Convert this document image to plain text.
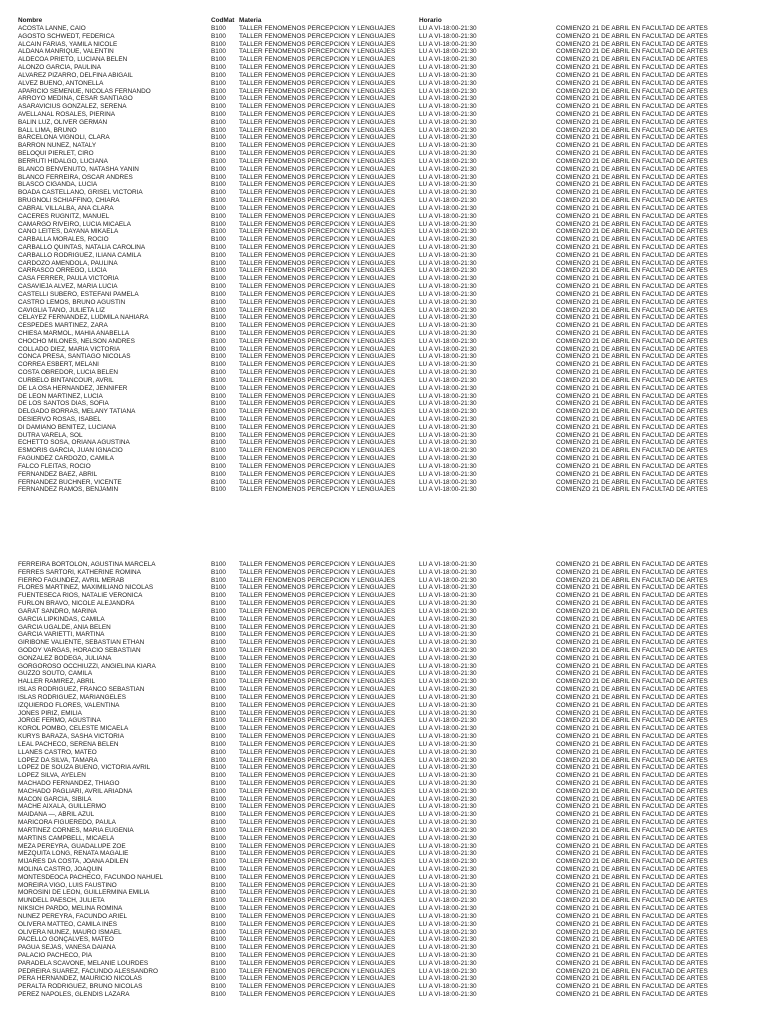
Nombre	CodMat Materia	Horario
ACOSTA LANNE, CAIO	B100	TALLER FENOMENOS PERCEPCION Y LENGUAJES	LU A VI-18:00-21:30	COMIENZO 21 DE ABRIL EN FACULTAD DE ARTES
AGOSTO SCHWEDT, FEDERICA	B100	TALLER FENOMENOS PERCEPCION Y LENGUAJES	LU A VI-18:00-21:30	COMIENZO 21 DE ABRIL EN FACULTAD DE ARTES
ALCAIN FARIAS, YAMILA NICOLE	B100	TALLER FENOMENOS PERCEPCION Y LENGUAJES	LU A VI-18:00-21:30	COMIENZO 21 DE ABRIL EN FACULTAD DE ARTES
ALDANA MANRIQUE, VALENTIN	B100	TALLER FENOMENOS PERCEPCION Y LENGUAJES	LU A VI-18:00-21:30	COMIENZO 21 DE ABRIL EN FACULTAD DE ARTES
ALDECOA PRIETO, LUCIANA BELÉN	B100	TALLER FENOMENOS PERCEPCION Y LENGUAJES	LU A VI-18:00-21:30	COMIENZO 21 DE ABRIL EN FACULTAD DE ARTES
ALONZO GARCÍA, PAULINA	B100	TALLER FENOMENOS PERCEPCION Y LENGUAJES	LU A VI-18:00-21:30	COMIENZO 21 DE ABRIL EN FACULTAD DE ARTES
ALVAREZ PIZARRO, DELFINA ABIGAIL	B100	TALLER FENOMENOS PERCEPCION Y LENGUAJES	LU A VI-18:00-21:30	COMIENZO 21 DE ABRIL EN FACULTAD DE ARTES
ALVEZ BUENO, ANTONELLA	B100	TALLER FENOMENOS PERCEPCION Y LENGUAJES	LU A VI-18:00-21:30	COMIENZO 21 DE ABRIL EN FACULTAD DE ARTES
APARICIO SEMENUE, NICOLÁS FERNANDO	B100	TALLER FENOMENOS PERCEPCION Y LENGUAJES	LU A VI-18:00-21:30	COMIENZO 21 DE ABRIL EN FACULTAD DE ARTES
ARROYO MEDINA, CÉSAR SANTIAGO	B100	TALLER FENOMENOS PERCEPCION Y LENGUAJES	LU A VI-18:00-21:30	COMIENZO 21 DE ABRIL EN FACULTAD DE ARTES
ASARAVICIUS GONZÁLEZ, SERENA	B100	TALLER FENOMENOS PERCEPCION Y LENGUAJES	LU A VI-18:00-21:30	COMIENZO 21 DE ABRIL EN FACULTAD DE ARTES
AVELLANAL ROSALES, PIERINA	B100	TALLER FENOMENOS PERCEPCION Y LENGUAJES	LU A VI-18:00-21:30	COMIENZO 21 DE ABRIL EN FACULTAD DE ARTES
BALIN LUZ, OLIVER GERMÁN	B100	TALLER FENOMENOS PERCEPCION Y LENGUAJES	LU A VI-18:00-21:30	COMIENZO 21 DE ABRIL EN FACULTAD DE ARTES
BALL LIMA, BRUNO	B100	TALLER FENOMENOS PERCEPCION Y LENGUAJES	LU A VI-18:00-21:30	COMIENZO 21 DE ABRIL EN FACULTAD DE ARTES
BARCELONA VIGNOLI, CLARA	B100	TALLER FENOMENOS PERCEPCION Y LENGUAJES	LU A VI-18:00-21:30	COMIENZO 21 DE ABRIL EN FACULTAD DE ARTES
BARRON NÚÑEZ, NATALY	B100	TALLER FENOMENOS PERCEPCION Y LENGUAJES	LU A VI-18:00-21:30	COMIENZO 21 DE ABRIL EN FACULTAD DE ARTES
BELOQUI PIERLET, CIRO	B100	TALLER FENOMENOS PERCEPCION Y LENGUAJES	LU A VI-18:00-21:30	COMIENZO 21 DE ABRIL EN FACULTAD DE ARTES
BERRUTI HIDALGO, LUCIANA	B100	TALLER FENOMENOS PERCEPCION Y LENGUAJES	LU A VI-18:00-21:30	COMIENZO 21 DE ABRIL EN FACULTAD DE ARTES
BLANCO BENVENUTO, NATASHA YANIN	B100	TALLER FENOMENOS PERCEPCION Y LENGUAJES	LU A VI-18:00-21:30	COMIENZO 21 DE ABRIL EN FACULTAD DE ARTES
BLANCO FERREIRA, OSCAR ANDRES	B100	TALLER FENOMENOS PERCEPCION Y LENGUAJES	LU A VI-18:00-21:30	COMIENZO 21 DE ABRIL EN FACULTAD DE ARTES
BLASCO CIGANDA, LUCÍA	B100	TALLER FENOMENOS PERCEPCION Y LENGUAJES	LU A VI-18:00-21:30	COMIENZO 21 DE ABRIL EN FACULTAD DE ARTES
BOADA CASTELLANO, GRISEL VICTORIA	B100	TALLER FENOMENOS PERCEPCION Y LENGUAJES	LU A VI-18:00-21:30	COMIENZO 21 DE ABRIL EN FACULTAD DE ARTES
BRUGNOLI SCHIAFFINO, CHIARA	B100	TALLER FENOMENOS PERCEPCION Y LENGUAJES	LU A VI-18:00-21:30	COMIENZO 21 DE ABRIL EN FACULTAD DE ARTES
CABRAL VILLALBA, ANA CLARA	B100	TALLER FENOMENOS PERCEPCION Y LENGUAJES	LU A VI-18:00-21:30	COMIENZO 21 DE ABRIL EN FACULTAD DE ARTES
CACERES RÜGNITZ, MANUEL	B100	TALLER FENOMENOS PERCEPCION Y LENGUAJES	LU A VI-18:00-21:30	COMIENZO 21 DE ABRIL EN FACULTAD DE ARTES
CAMARGO RIVEIRO, LUCIA MICAELA	B100	TALLER FENOMENOS PERCEPCION Y LENGUAJES	LU A VI-18:00-21:30	COMIENZO 21 DE ABRIL EN FACULTAD DE ARTES
CANO LEITES, DAYANA MIKAELA	B100	TALLER FENOMENOS PERCEPCION Y LENGUAJES	LU A VI-18:00-21:30	COMIENZO 21 DE ABRIL EN FACULTAD DE ARTES
CARBALLA MORALES, ROCIO	B100	TALLER FENOMENOS PERCEPCION Y LENGUAJES	LU A VI-18:00-21:30	COMIENZO 21 DE ABRIL EN FACULTAD DE ARTES
CARBALLO QUINTAS, NATALIA CAROLINA	B100	TALLER FENOMENOS PERCEPCION Y LENGUAJES	LU A VI-18:00-21:30	COMIENZO 21 DE ABRIL EN FACULTAD DE ARTES
CARBALLO RODRIGUEZ, ILIANA CAMILA	B100	TALLER FENOMENOS PERCEPCION Y LENGUAJES	LU A VI-18:00-21:30	COMIENZO 21 DE ABRIL EN FACULTAD DE ARTES
CARDOZO AMENDOLA, PAULINA	B100	TALLER FENOMENOS PERCEPCION Y LENGUAJES	LU A VI-18:00-21:30	COMIENZO 21 DE ABRIL EN FACULTAD DE ARTES
CARRASCO ORREGO, LUCÍA	B100	TALLER FENOMENOS PERCEPCION Y LENGUAJES	LU A VI-18:00-21:30	COMIENZO 21 DE ABRIL EN FACULTAD DE ARTES
CASA FERRER, PAULA VICTORIA	B100	TALLER FENOMENOS PERCEPCION Y LENGUAJES	LU A VI-18:00-21:30	COMIENZO 21 DE ABRIL EN FACULTAD DE ARTES
CASAVIEJA ALVEZ, MARIA LUCIA	B100	TALLER FENOMENOS PERCEPCION Y LENGUAJES	LU A VI-18:00-21:30	COMIENZO 21 DE ABRIL EN FACULTAD DE ARTES
CASTELLI SUBERO, ESTEFANI PAMELA	B100	TALLER FENOMENOS PERCEPCION Y LENGUAJES	LU A VI-18:00-21:30	COMIENZO 21 DE ABRIL EN FACULTAD DE ARTES
CASTRO LEMOS, BRUNO AGUSTIN	B100	TALLER FENOMENOS PERCEPCION Y LENGUAJES	LU A VI-18:00-21:30	COMIENZO 21 DE ABRIL EN FACULTAD DE ARTES
CAVIGLIA TAÑO, JULIETA LIZ	B100	TALLER FENOMENOS PERCEPCION Y LENGUAJES	LU A VI-18:00-21:30	COMIENZO 21 DE ABRIL EN FACULTAD DE ARTES
CELAYEZ FERNÁNDEZ, LUDMILA NAHIARA	B100	TALLER FENOMENOS PERCEPCION Y LENGUAJES	LU A VI-18:00-21:30	COMIENZO 21 DE ABRIL EN FACULTAD DE ARTES
CÉSPEDES MARTINEZ, ZARA	B100	TALLER FENOMENOS PERCEPCION Y LENGUAJES	LU A VI-18:00-21:30	COMIENZO 21 DE ABRIL EN FACULTAD DE ARTES
CHIESA MARMOL, MAHIA ANABELLA	B100	TALLER FENOMENOS PERCEPCION Y LENGUAJES	LU A VI-18:00-21:30	COMIENZO 21 DE ABRIL EN FACULTAD DE ARTES
CHOCHO MILONES, NELSON ANDRES	B100	TALLER FENOMENOS PERCEPCION Y LENGUAJES	LU A VI-18:00-21:30	COMIENZO 21 DE ABRIL EN FACULTAD DE ARTES
COLLADO DIEZ, MARIA VICTORIA	B100	TALLER FENOMENOS PERCEPCION Y LENGUAJES	LU A VI-18:00-21:30	COMIENZO 21 DE ABRIL EN FACULTAD DE ARTES
CONCA PRESA, SANTIAGO NICOLAS	B100	TALLER FENOMENOS PERCEPCION Y LENGUAJES	LU A VI-18:00-21:30	COMIENZO 21 DE ABRIL EN FACULTAD DE ARTES
CORREA ESBERT, MELANI	B100	TALLER FENOMENOS PERCEPCION Y LENGUAJES	LU A VI-18:00-21:30	COMIENZO 21 DE ABRIL EN FACULTAD DE ARTES
COSTA OBREDOR, LUCIA BELEN	B100	TALLER FENOMENOS PERCEPCION Y LENGUAJES	LU A VI-18:00-21:30	COMIENZO 21 DE ABRIL EN FACULTAD DE ARTES
CURBELO BINTANCOUR, AVRIL	B100	TALLER FENOMENOS PERCEPCION Y LENGUAJES	LU A VI-18:00-21:30	COMIENZO 21 DE ABRIL EN FACULTAD DE ARTES
DE LA OSA HERNÁNDEZ, JENNIFER	B100	TALLER FENOMENOS PERCEPCION Y LENGUAJES	LU A VI-18:00-21:30	COMIENZO 21 DE ABRIL EN FACULTAD DE ARTES
DE LEON MARTINEZ, LUCÍA	B100	TALLER FENOMENOS PERCEPCION Y LENGUAJES	LU A VI-18:00-21:30	COMIENZO 21 DE ABRIL EN FACULTAD DE ARTES
DE LOS SANTOS DIAS, SOFIA	B100	TALLER FENOMENOS PERCEPCION Y LENGUAJES	LU A VI-18:00-21:30	COMIENZO 21 DE ABRIL EN FACULTAD DE ARTES
DELGADO BORRAS, MELANY TATIANA	B100	TALLER FENOMENOS PERCEPCION Y LENGUAJES	LU A VI-18:00-21:30	COMIENZO 21 DE ABRIL EN FACULTAD DE ARTES
DESIERVO ROSAS, ISABEL	B100	TALLER FENOMENOS PERCEPCION Y LENGUAJES	LU A VI-18:00-21:30	COMIENZO 21 DE ABRIL EN FACULTAD DE ARTES
DI DAMIANO BENITEZ, LUCIANA	B100	TALLER FENOMENOS PERCEPCION Y LENGUAJES	LU A VI-18:00-21:30	COMIENZO 21 DE ABRIL EN FACULTAD DE ARTES
DUTRA VARELA, SOL	B100	TALLER FENOMENOS PERCEPCION Y LENGUAJES	LU A VI-18:00-21:30	COMIENZO 21 DE ABRIL EN FACULTAD DE ARTES
ECHETTO SOSA, ORIANA AGUSTINA	B100	TALLER FENOMENOS PERCEPCION Y LENGUAJES	LU A VI-18:00-21:30	COMIENZO 21 DE ABRIL EN FACULTAD DE ARTES
ESMORIS GARCIA, JUAN IGNACIO	B100	TALLER FENOMENOS PERCEPCION Y LENGUAJES	LU A VI-18:00-21:30	COMIENZO 21 DE ABRIL EN FACULTAD DE ARTES
FAGUNDEZ CARDOZO, CAMILA	B100	TALLER FENOMENOS PERCEPCION Y LENGUAJES	LU A VI-18:00-21:30	COMIENZO 21 DE ABRIL EN FACULTAD DE ARTES
FALCO FLEITAS, ROCIO	B100	TALLER FENOMENOS PERCEPCION Y LENGUAJES	LU A VI-18:00-21:30	COMIENZO 21 DE ABRIL EN FACULTAD DE ARTES
FERNANDEZ BAEZ, ABRIL	B100	TALLER FENOMENOS PERCEPCION Y LENGUAJES	LU A VI-18:00-21:30	COMIENZO 21 DE ABRIL EN FACULTAD DE ARTES
FERNANDEZ BÜCHNER, VICENTE	B100	TALLER FENOMENOS PERCEPCION Y LENGUAJES	LU A VI-18:00-21:30	COMIENZO 21 DE ABRIL EN FACULTAD DE ARTES
FERNANDEZ RAMOS, BENJAMIN	B100	TALLER FENOMENOS PERCEPCION Y LENGUAJES	LU A VI-18:00-21:30	COMIENZO 21 DE ABRIL EN FACULTAD DE ARTES
FERREIRA BORTOLON, AGUSTINA MARCELA	B100	TALLER FENOMENOS PERCEPCION Y LENGUAJES	LU A VI-18:00-21:30	COMIENZO 21 DE ABRIL EN FACULTAD DE ARTES
FERRES SARTORI, KATHERINE ROMINA	B100	TALLER FENOMENOS PERCEPCION Y LENGUAJES	LU A VI-18:00-21:30	COMIENZO 21 DE ABRIL EN FACULTAD DE ARTES
FIERRO FAGÚNDEZ, AVRIL MERAB	B100	TALLER FENOMENOS PERCEPCION Y LENGUAJES	LU A VI-18:00-21:30	COMIENZO 21 DE ABRIL EN FACULTAD DE ARTES
FLORES MARTÍNEZ, MAXIMILIANO NICOLÁS	B100	TALLER FENOMENOS PERCEPCION Y LENGUAJES	LU A VI-18:00-21:30	COMIENZO 21 DE ABRIL EN FACULTAD DE ARTES
FUENTESECA RIOS, NATALIE VERONICA	B100	TALLER FENOMENOS PERCEPCION Y LENGUAJES	LU A VI-18:00-21:30	COMIENZO 21 DE ABRIL EN FACULTAD DE ARTES
FURLON BRAVO, NICOLE ALEJANDRA	B100	TALLER FENOMENOS PERCEPCION Y LENGUAJES	LU A VI-18:00-21:30	COMIENZO 21 DE ABRIL EN FACULTAD DE ARTES
GARAT SANDRO, MARINA	B100	TALLER FENOMENOS PERCEPCION Y LENGUAJES	LU A VI-18:00-21:30	COMIENZO 21 DE ABRIL EN FACULTAD DE ARTES
GARCIA LIPKINDAS, CAMILA	B100	TALLER FENOMENOS PERCEPCION Y LENGUAJES	LU A VI-18:00-21:30	COMIENZO 21 DE ABRIL EN FACULTAD DE ARTES
GARCIA UGALDE, ANIA BELEN	B100	TALLER FENOMENOS PERCEPCION Y LENGUAJES	LU A VI-18:00-21:30	COMIENZO 21 DE ABRIL EN FACULTAD DE ARTES
GARCIA VARIETTI, MARTINA	B100	TALLER FENOMENOS PERCEPCION Y LENGUAJES	LU A VI-18:00-21:30	COMIENZO 21 DE ABRIL EN FACULTAD DE ARTES
GIRIBONE VALIENTE, SEBASTIAN ETHAN	B100	TALLER FENOMENOS PERCEPCION Y LENGUAJES	LU A VI-18:00-21:30	COMIENZO 21 DE ABRIL EN FACULTAD DE ARTES
GODOY VARGAS, HORACIO SEBASTIAN	B100	TALLER FENOMENOS PERCEPCION Y LENGUAJES	LU A VI-18:00-21:30	COMIENZO 21 DE ABRIL EN FACULTAD DE ARTES
GONZALEZ BODEGA, JULIANA	B100	TALLER FENOMENOS PERCEPCION Y LENGUAJES	LU A VI-18:00-21:30	COMIENZO 21 DE ABRIL EN FACULTAD DE ARTES
GORGOROSO OCCHIUZZI, ANGIELINA KIARA	B100	TALLER FENOMENOS PERCEPCION Y LENGUAJES	LU A VI-18:00-21:30	COMIENZO 21 DE ABRIL EN FACULTAD DE ARTES
GUZZO SOUTO, CAMILA	B100	TALLER FENOMENOS PERCEPCION Y LENGUAJES	LU A VI-18:00-21:30	COMIENZO 21 DE ABRIL EN FACULTAD DE ARTES
HALLER RAMIREZ, ABRIL	B100	TALLER FENOMENOS PERCEPCION Y LENGUAJES	LU A VI-18:00-21:30	COMIENZO 21 DE ABRIL EN FACULTAD DE ARTES
ISLAS RODRIGUEZ, FRANCO SEBASTIÁN	B100	TALLER FENOMENOS PERCEPCION Y LENGUAJES	LU A VI-18:00-21:30	COMIENZO 21 DE ABRIL EN FACULTAD DE ARTES
ISLAS RODRIGUEZ, MARIANGELES	B100	TALLER FENOMENOS PERCEPCION Y LENGUAJES	LU A VI-18:00-21:30	COMIENZO 21 DE ABRIL EN FACULTAD DE ARTES
IZQUIERDO FLORES, VALENTINA	B100	TALLER FENOMENOS PERCEPCION Y LENGUAJES	LU A VI-18:00-21:30	COMIENZO 21 DE ABRIL EN FACULTAD DE ARTES
JONES PIRIZ, EMILIA	B100	TALLER FENOMENOS PERCEPCION Y LENGUAJES	LU A VI-18:00-21:30	COMIENZO 21 DE ABRIL EN FACULTAD DE ARTES
JORGE FERMO, AGUSTINA	B100	TALLER FENOMENOS PERCEPCION Y LENGUAJES	LU A VI-18:00-21:30	COMIENZO 21 DE ABRIL EN FACULTAD DE ARTES
KOROL POMBO, CELESTE MICAELA	B100	TALLER FENOMENOS PERCEPCION Y LENGUAJES	LU A VI-18:00-21:30	COMIENZO 21 DE ABRIL EN FACULTAD DE ARTES
KURYS BARAZA, SASHA VICTORIA	B100	TALLER FENOMENOS PERCEPCION Y LENGUAJES	LU A VI-18:00-21:30	COMIENZO 21 DE ABRIL EN FACULTAD DE ARTES
LEAL PACHECO, SERENA BELEN	B100	TALLER FENOMENOS PERCEPCION Y LENGUAJES	LU A VI-18:00-21:30	COMIENZO 21 DE ABRIL EN FACULTAD DE ARTES
LLANES CASTRO, MATEO	B100	TALLER FENOMENOS PERCEPCION Y LENGUAJES	LU A VI-18:00-21:30	COMIENZO 21 DE ABRIL EN FACULTAD DE ARTES
LOPEZ DA SILVA, TAMARA	B100	TALLER FENOMENOS PERCEPCION Y LENGUAJES	LU A VI-18:00-21:30	COMIENZO 21 DE ABRIL EN FACULTAD DE ARTES
LÓPEZ DE SOUZA BUENO, VICTORIA AVRIL	B100	TALLER FENOMENOS PERCEPCION Y LENGUAJES	LU A VI-18:00-21:30	COMIENZO 21 DE ABRIL EN FACULTAD DE ARTES
LÓPEZ SILVA, AYELÉN	B100	TALLER FENOMENOS PERCEPCION Y LENGUAJES	LU A VI-18:00-21:30	COMIENZO 21 DE ABRIL EN FACULTAD DE ARTES
MACHADO FERNANDEZ, THIAGO	B100	TALLER FENOMENOS PERCEPCION Y LENGUAJES	LU A VI-18:00-21:30	COMIENZO 21 DE ABRIL EN FACULTAD DE ARTES
MACHADO PAGLIARI, AVRIL ARIADNA	B100	TALLER FENOMENOS PERCEPCION Y LENGUAJES	LU A VI-18:00-21:30	COMIENZO 21 DE ABRIL EN FACULTAD DE ARTES
MACON GARCIA, SIBILA	B100	TALLER FENOMENOS PERCEPCION Y LENGUAJES	LU A VI-18:00-21:30	COMIENZO 21 DE ABRIL EN FACULTAD DE ARTES
MACHE AIXALÁ, GUILLERMO	B100	TALLER FENOMENOS PERCEPCION Y LENGUAJES	LU A VI-18:00-21:30	COMIENZO 21 DE ABRIL EN FACULTAD DE ARTES
MAIDANA —, ABRIL AZUL	B100	TALLER FENOMENOS PERCEPCION Y LENGUAJES	LU A VI-18:00-21:30	COMIENZO 21 DE ABRIL EN FACULTAD DE ARTES
MARICORA FIGUEREDO, PAULA	B100	TALLER FENOMENOS PERCEPCION Y LENGUAJES	LU A VI-18:00-21:30	COMIENZO 21 DE ABRIL EN FACULTAD DE ARTES
MARTÍNEZ CORNES, MARIA EUGENIA	B100	TALLER FENOMENOS PERCEPCION Y LENGUAJES	LU A VI-18:00-21:30	COMIENZO 21 DE ABRIL EN FACULTAD DE ARTES
MARTINS CAMPBELL, MICAELA	B100	TALLER FENOMENOS PERCEPCION Y LENGUAJES	LU A VI-18:00-21:30	COMIENZO 21 DE ABRIL EN FACULTAD DE ARTES
MEZA PEREYRA, GUADALUPE ZOE	B100	TALLER FENOMENOS PERCEPCION Y LENGUAJES	LU A VI-18:00-21:30	COMIENZO 21 DE ABRIL EN FACULTAD DE ARTES
MEZQUITA LONG, RENATA MAGALIE	B100	TALLER FENOMENOS PERCEPCION Y LENGUAJES	LU A VI-18:00-21:30	COMIENZO 21 DE ABRIL EN FACULTAD DE ARTES
MIJARES DA COSTA, JOANA ADILEN	B100	TALLER FENOMENOS PERCEPCION Y LENGUAJES	LU A VI-18:00-21:30	COMIENZO 21 DE ABRIL EN FACULTAD DE ARTES
MOLINA CASTRO, JOAQUIN	B100	TALLER FENOMENOS PERCEPCION Y LENGUAJES	LU A VI-18:00-21:30	COMIENZO 21 DE ABRIL EN FACULTAD DE ARTES
MONTESDEOCA PACHECO, FACUNDO NAHUEL	B100	TALLER FENOMENOS PERCEPCION Y LENGUAJES	LU A VI-18:00-21:30	COMIENZO 21 DE ABRIL EN FACULTAD DE ARTES
MOREIRA VIGO, LUIS FAUSTINO	B100	TALLER FENOMENOS PERCEPCION Y LENGUAJES	LU A VI-18:00-21:30	COMIENZO 21 DE ABRIL EN FACULTAD DE ARTES
MOROSINI DE LEON, GUILLERMINA EMILIA	B100	TALLER FENOMENOS PERCEPCION Y LENGUAJES	LU A VI-18:00-21:30	COMIENZO 21 DE ABRIL EN FACULTAD DE ARTES
MUNDELL PAESCH, JULIETA	B100	TALLER FENOMENOS PERCEPCION Y LENGUAJES	LU A VI-18:00-21:30	COMIENZO 21 DE ABRIL EN FACULTAD DE ARTES
NIKSICH PARDO, MELINA ROMINA	B100	TALLER FENOMENOS PERCEPCION Y LENGUAJES	LU A VI-18:00-21:30	COMIENZO 21 DE ABRIL EN FACULTAD DE ARTES
NUÑEZ PEREYRA, FACUNDO ARIEL	B100	TALLER FENOMENOS PERCEPCION Y LENGUAJES	LU A VI-18:00-21:30	COMIENZO 21 DE ABRIL EN FACULTAD DE ARTES
OLIVERA MATTEO, CAMILA INES	B100	TALLER FENOMENOS PERCEPCION Y LENGUAJES	LU A VI-18:00-21:30	COMIENZO 21 DE ABRIL EN FACULTAD DE ARTES
OLIVERA NUÑEZ, MAURO ISMAEL	B100	TALLER FENOMENOS PERCEPCION Y LENGUAJES	LU A VI-18:00-21:30	COMIENZO 21 DE ABRIL EN FACULTAD DE ARTES
PACELLO GONÇALVES, MATEO	B100	TALLER FENOMENOS PERCEPCION Y LENGUAJES	LU A VI-18:00-21:30	COMIENZO 21 DE ABRIL EN FACULTAD DE ARTES
PAGUA SEJAS, VANESA DAIANA	B100	TALLER FENOMENOS PERCEPCION Y LENGUAJES	LU A VI-18:00-21:30	COMIENZO 21 DE ABRIL EN FACULTAD DE ARTES
PALACIO PACHECO, PÍA	B100	TALLER FENOMENOS PERCEPCION Y LENGUAJES	LU A VI-18:00-21:30	COMIENZO 21 DE ABRIL EN FACULTAD DE ARTES
PARADELA SCAVONE, MELANIE LOURDES	B100	TALLER FENOMENOS PERCEPCION Y LENGUAJES	LU A VI-18:00-21:30	COMIENZO 21 DE ABRIL EN FACULTAD DE ARTES
PEDREIRA SUAREZ, FACUNDO ALESSANDRO	B100	TALLER FENOMENOS PERCEPCION Y LENGUAJES	LU A VI-18:00-21:30	COMIENZO 21 DE ABRIL EN FACULTAD DE ARTES
PERA HERNÁNDEZ, MAURICIO NICOLÁS	B100	TALLER FENOMENOS PERCEPCION Y LENGUAJES	LU A VI-18:00-21:30	COMIENZO 21 DE ABRIL EN FACULTAD DE ARTES
PERALTA RODRIGUEZ, BRUNO NICOLAS	B100	TALLER FENOMENOS PERCEPCION Y LENGUAJES	LU A VI-18:00-21:30	COMIENZO 21 DE ABRIL EN FACULTAD DE ARTES
PÉREZ NÁPOLES, GLENDIS LÁZARA	B100	TALLER FENOMENOS PERCEPCION Y LENGUAJES	LU A VI-18:00-21:30	COMIENZO 21 DE ABRIL EN FACULTAD DE ARTES
